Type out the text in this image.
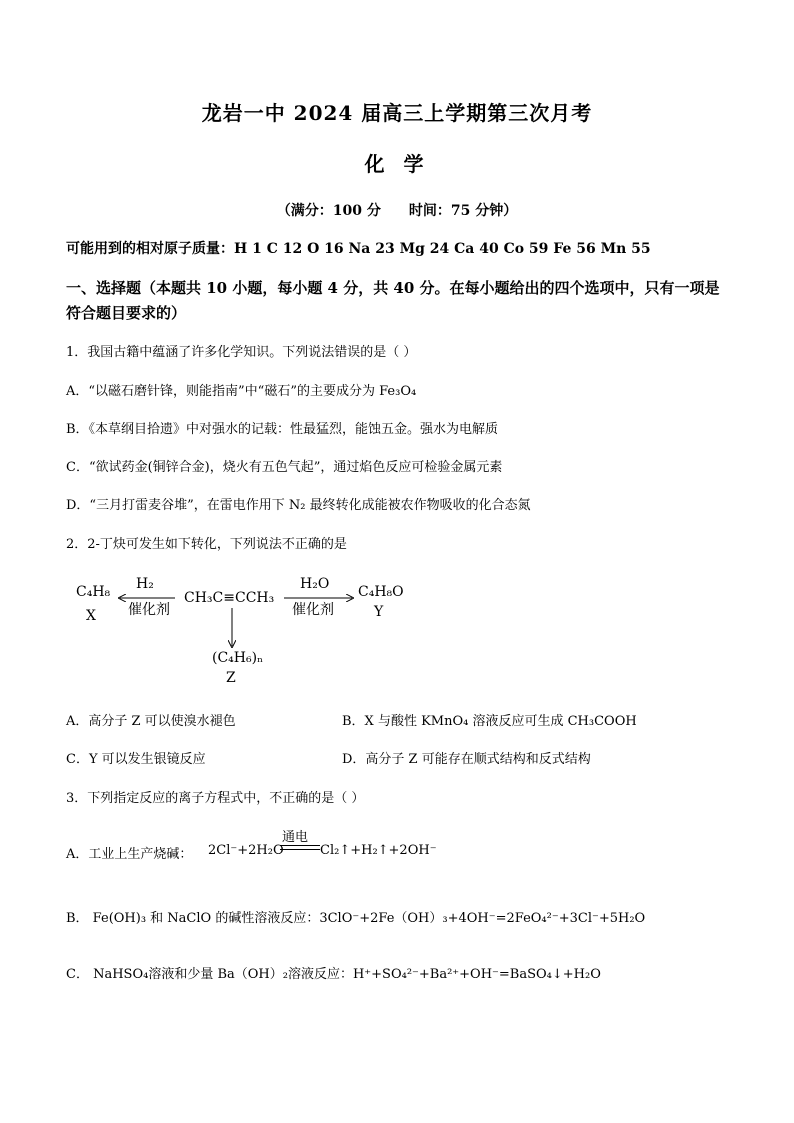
龙岩一中 2024 届高三上学期第三次月考
化 学
（满分：100 分　　时间：75 分钟）
可能用到的相对原子质量：H 1 C 12 O 16 Na 23 Mg 24 Ca 40 Co 59 Fe 56 Mn 55
一、选择题（本题共 10 小题，每小题 4 分，共 40 分。在每小题给出的四个选项中，只有一项是符合题目要求的）
1．我国古籍中蕴涵了许多化学知识。下列说法错误的是（ ）
A．“以磁石磨针锋，则能指南”中“磁石”的主要成分为 Fe₃O₄
B．《本草纲目拾遗》中对强水的记载：性最猛烈，能蚀五金。强水为电解质
C．“欲试药金(铜锌合金)，烧火有五色气起”，通过焰色反应可检验金属元素
D．“三月打雷麦谷堆”，在雷电作用下 N₂ 最终转化成能被农作物吸收的化合态氮
2．2-丁炔可发生如下转化，下列说法不正确的是
C₄H₈
X
H₂
催化剂
CH₃C≡CCH₃
H₂O
催化剂
C₄H₈O
Y
(C₄H₆)ₙ
Z
A．高分子 Z 可以使溴水褪色	B．X 与酸性 KMnO₄ 溶液反应可生成 CH₃COOH
C．Y 可以发生银镜反应	D．高分子 Z 可能存在顺式结构和反式结构
3．下列指定反应的离子方程式中，不正确的是（ ）
A．工业上生产烧碱： 2Cl⁻+2H₂O
通电
Cl₂↑+H₂↑+2OH⁻
B． Fe(OH)₃ 和 NaClO 的碱性溶液反应：3ClO⁻+2Fe（OH）₃+4OH⁻=2FeO₄²⁻+3Cl⁻+5H₂O
C． NaHSO₄溶液和少量 Ba（OH）₂溶液反应：H⁺+SO₄²⁻+Ba²⁺+OH⁻=BaSO₄↓+H₂O
